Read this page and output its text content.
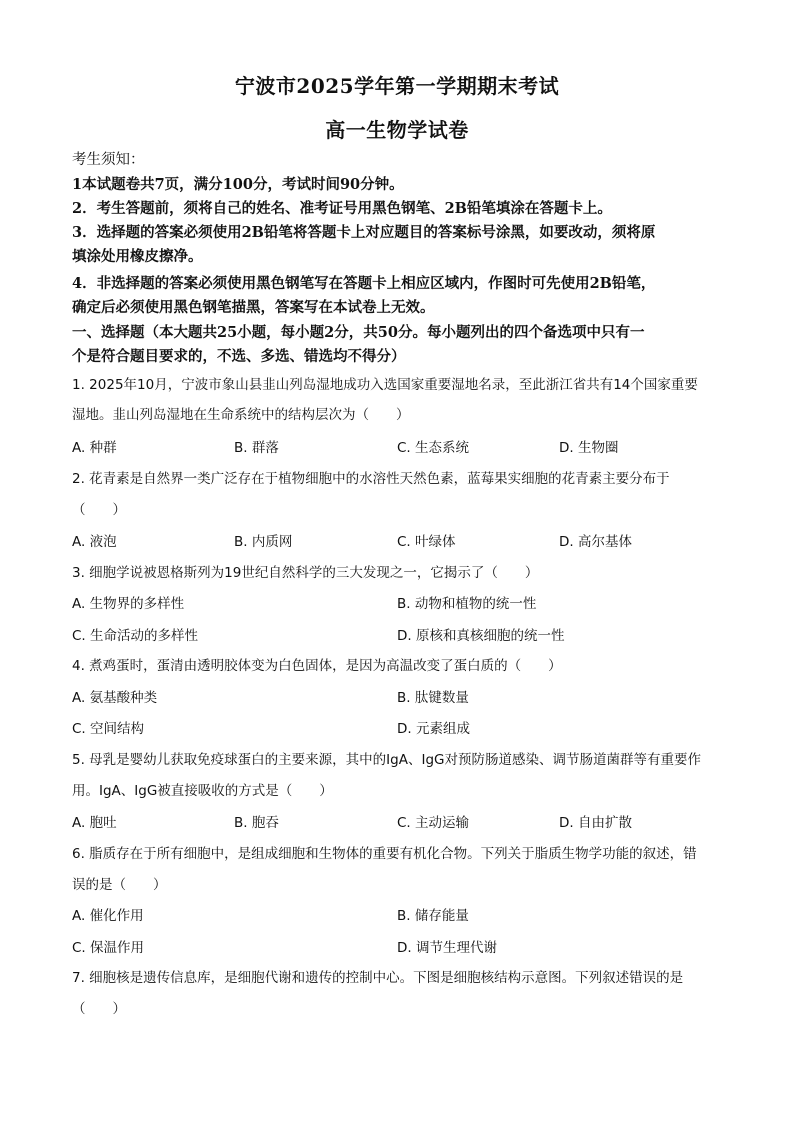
宁波市2025学年第一学期期末考试
高一生物学试卷
考生须知：
1本试题卷共7页，满分100分，考试时间90分钟。
2．考生答题前，须将自己的姓名、准考证号用黑色钢笔、2B铅笔填涂在答题卡上。
3．选择题的答案必须使用2B铅笔将答题卡上对应题目的答案标号涂黑，如要改动，须将原
填涂处用橡皮擦净。
4．非选择题的答案必须使用黑色钢笔写在答题卡上相应区域内，作图时可先使用2B铅笔，
确定后必须使用黑色钢笔描黑，答案写在本试卷上无效。
一、选择题（本大题共25小题，每小题2分，共50分。每小题列出的四个备选项中只有一
个是符合题目要求的，不选、多选、错选均不得分）
1. 2025年10月，宁波市象山县韭山列岛湿地成功入选国家重要湿地名录，至此浙江省共有14个国家重要
湿地。韭山列岛湿地在生命系统中的结构层次为（　　）
A. 种群	B. 群落	C. 生态系统	D. 生物圈
2. 花青素是自然界一类广泛存在于植物细胞中的水溶性天然色素，蓝莓果实细胞的花青素主要分布于
（　　）
A. 液泡	B. 内质网	C. 叶绿体	D. 高尔基体
3. 细胞学说被恩格斯列为19世纪自然科学的三大发现之一，它揭示了（　　）
A. 生物界的多样性	B. 动物和植物的统一性
C. 生命活动的多样性	D. 原核和真核细胞的统一性
4. 煮鸡蛋时，蛋清由透明胶体变为白色固体，是因为高温改变了蛋白质的（　　）
A. 氨基酸种类	B. 肽键数量
C. 空间结构	D. 元素组成
5. 母乳是婴幼儿获取免疫球蛋白的主要来源，其中的IgA、IgG对预防肠道感染、调节肠道菌群等有重要作
用。IgA、IgG被直接吸收的方式是（　　）
A. 胞吐	B. 胞吞	C. 主动运输	D. 自由扩散
6. 脂质存在于所有细胞中，是组成细胞和生物体的重要有机化合物。下列关于脂质生物学功能的叙述，错
误的是（　　）
A. 催化作用	B. 储存能量
C. 保温作用	D. 调节生理代谢
7. 细胞核是遗传信息库，是细胞代谢和遗传的控制中心。下图是细胞核结构示意图。下列叙述错误的是
（　　）
